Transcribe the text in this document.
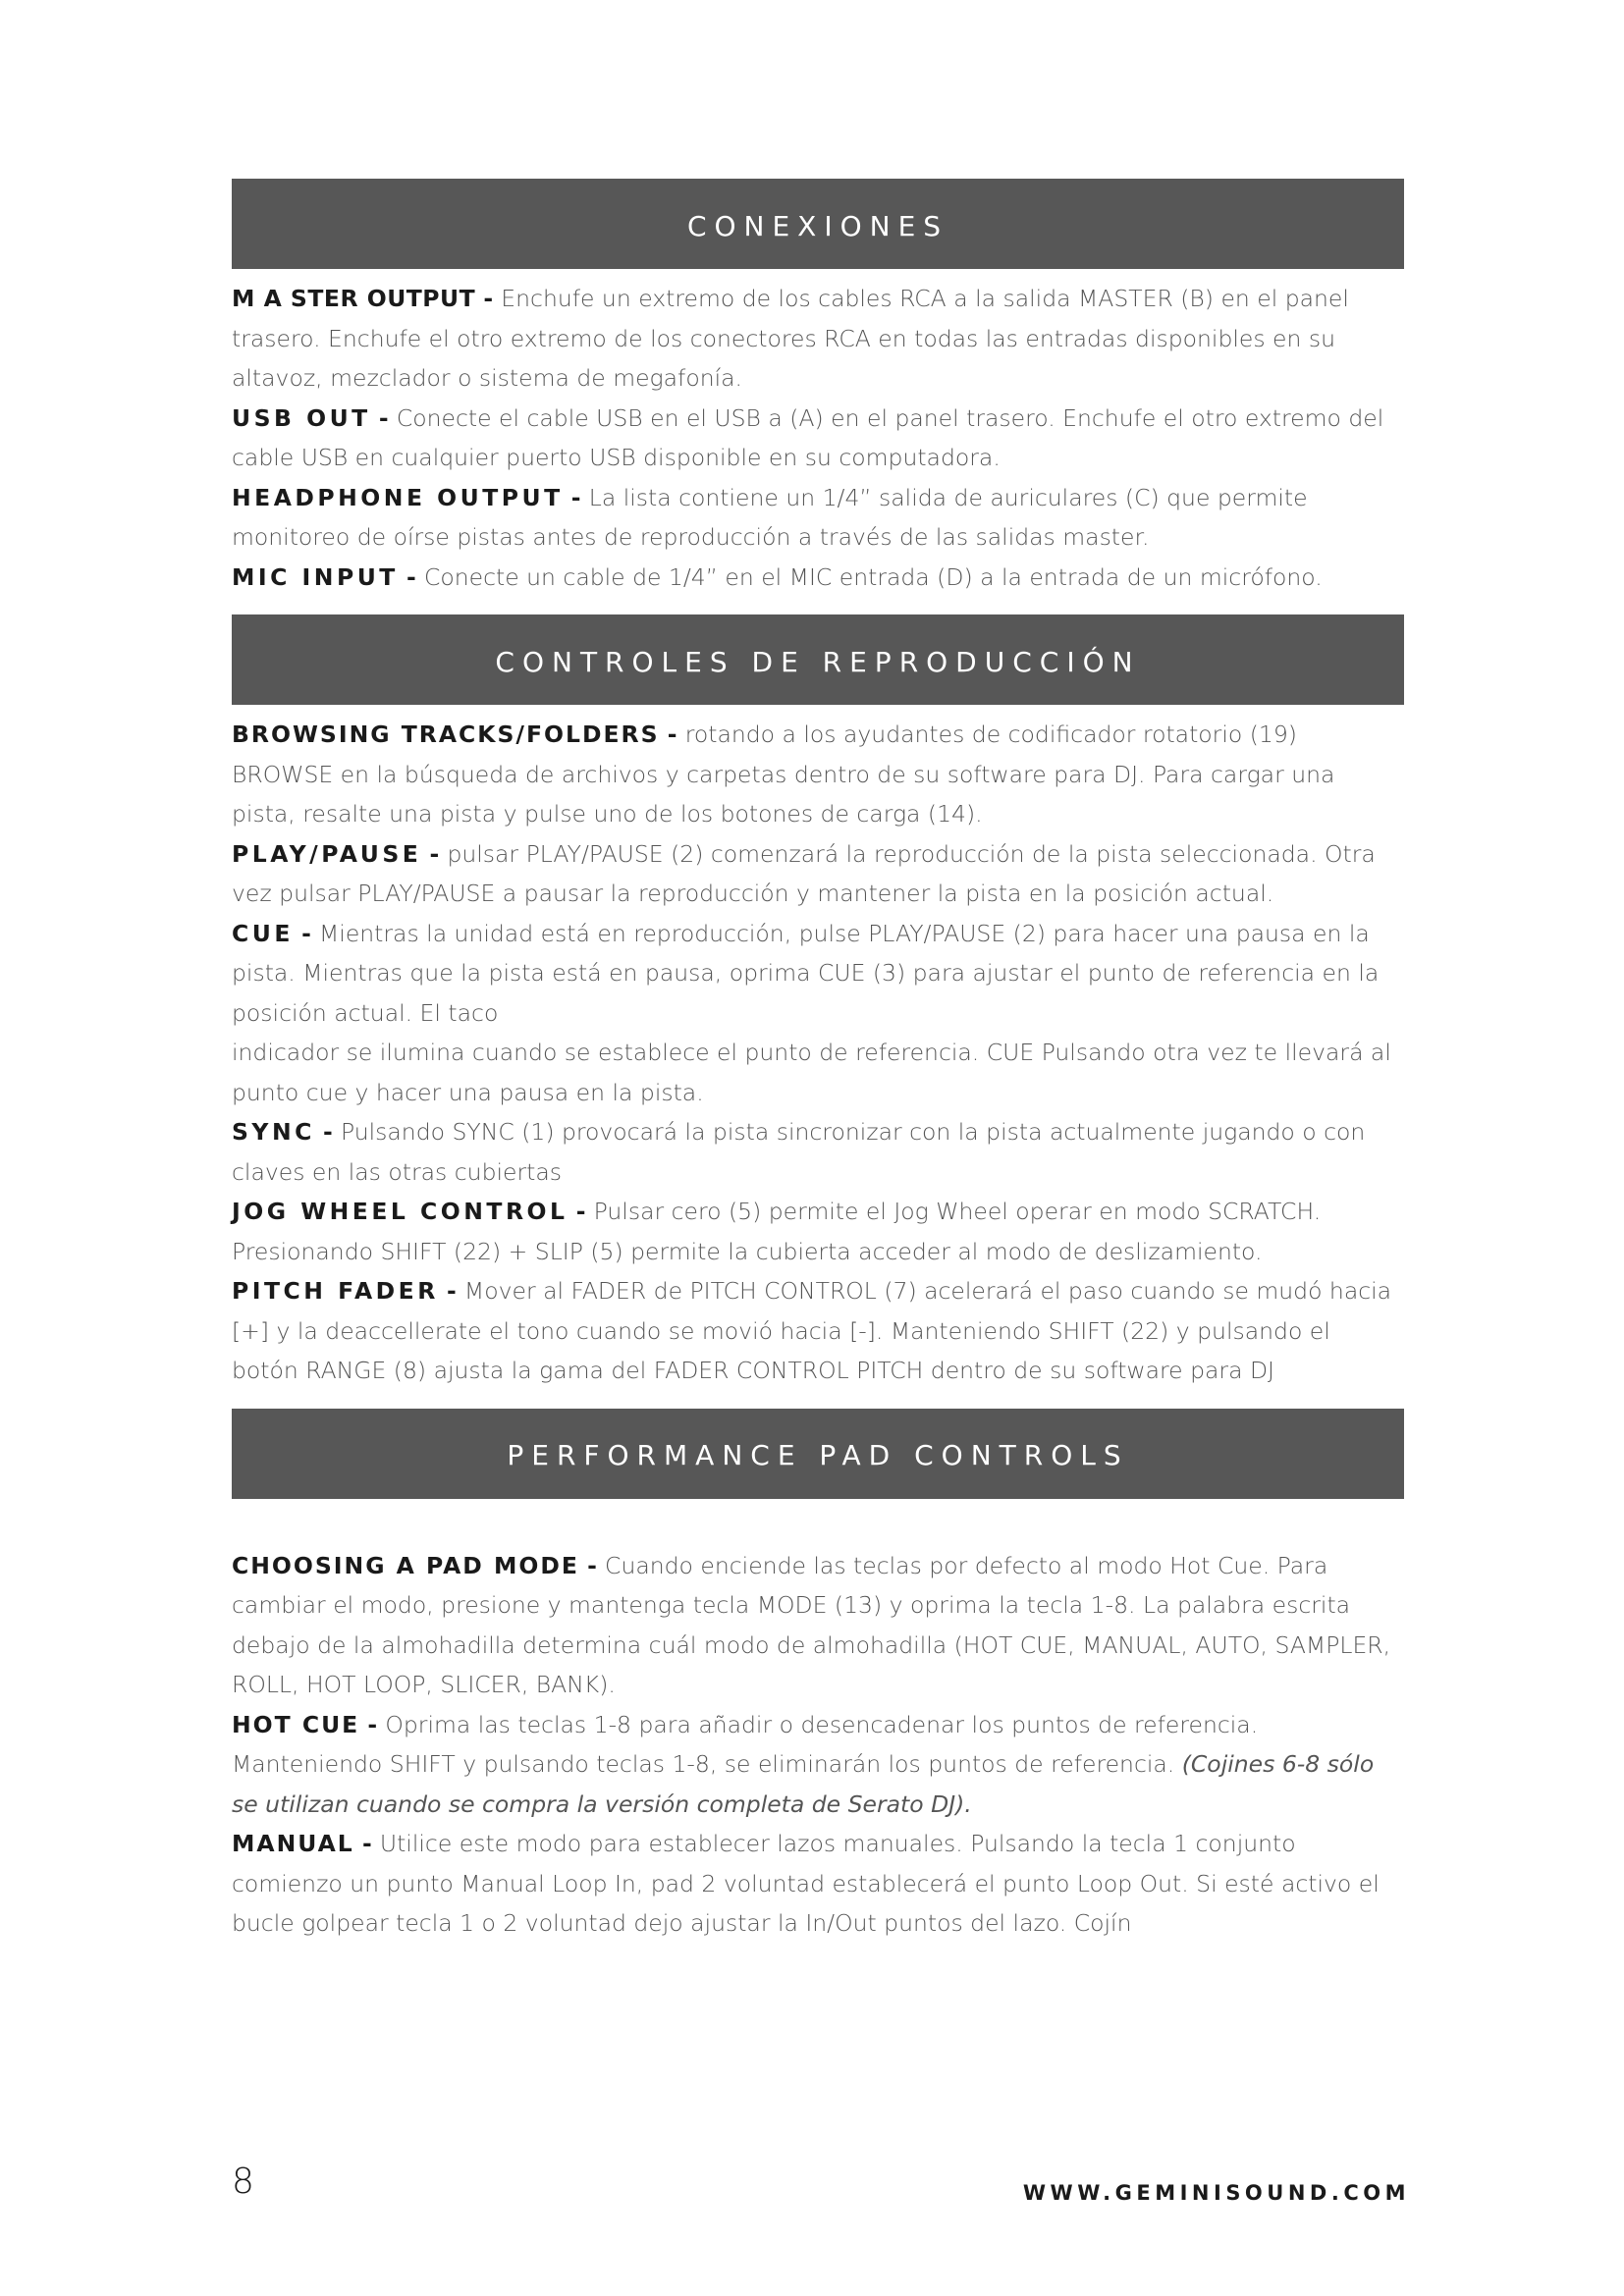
CONEXIONES

M A STER OUTPUT - Enchufe un extremo de los cables RCA a la salida MASTER (B) en el panel trasero. Enchufe el otro extremo de los conectores RCA en todas las entradas disponibles en su altavoz, mezclador o sistema de megafonía.

USB OUT - Conecte el cable USB en el USB a (A) en el panel trasero. Enchufe el otro extremo del cable USB en cualquier puerto USB disponible en su computadora.

HEADPHONE OUTPUT - La lista contiene un 1/4” salida de auriculares (C) que permite monitoreo de oírse pistas antes de reproducción a través de las salidas master.

MIC INPUT - Conecte un cable de 1/4” en el MIC entrada (D) a la entrada de un micrófono.

CONTROLES DE REPRODUCCIÓN

BROWSING TRACKS/FOLDERS - rotando a los ayudantes de codificador rotatorio (19) BROWSE en la búsqueda de archivos y carpetas dentro de su software para DJ. Para cargar una pista, resalte una pista y pulse uno de los botones de carga (14).

PLAY/PAUSE - pulsar PLAY/PAUSE (2) comenzará la reproducción de la pista seleccionada. Otra vez pulsar PLAY/PAUSE a pausar la reproducción y mantener la pista en la posición actual.

CUE - Mientras la unidad está en reproducción, pulse PLAY/PAUSE (2) para hacer una pausa en la pista. Mientras que la pista está en pausa, oprima CUE (3) para ajustar el punto de referencia en la posición actual. El taco

indicador se ilumina cuando se establece el punto de referencia. CUE Pulsando otra vez te llevará al punto cue y hacer una pausa en la pista.

SYNC - Pulsando SYNC (1) provocará la pista sincronizar con la pista actualmente jugando o con claves en las otras cubiertas

JOG WHEEL CONTROL - Pulsar cero (5) permite el Jog Wheel operar en modo SCRATCH. Presionando SHIFT (22) + SLIP (5) permite la cubierta acceder al modo de deslizamiento.

PITCH FADER - Mover al FADER de PITCH CONTROL (7) acelerará el paso cuando se mudó hacia [+] y la deaccellerate el tono cuando se movió hacia [-]. Manteniendo SHIFT (22) y pulsando el botón RANGE (8) ajusta la gama del FADER CONTROL PITCH dentro de su software para DJ

PERFORMANCE PAD CONTROLS

CHOOSING A PAD MODE - Cuando enciende las teclas por defecto al modo Hot Cue. Para cambiar el modo, presione y mantenga tecla MODE (13) y oprima la tecla 1-8. La palabra escrita debajo de la almohadilla determina cuál modo de almohadilla (HOT CUE, MANUAL, AUTO, SAMPLER, ROLL, HOT LOOP, SLICER, BANK).

HOT CUE - Oprima las teclas 1-8 para añadir o desencadenar los puntos de referencia. Manteniendo SHIFT y pulsando teclas 1-8, se eliminarán los puntos de referencia. (Cojines 6-8 sólo se utilizan cuando se compra la versión completa de Serato DJ).

MANUAL - Utilice este modo para establecer lazos manuales. Pulsando la tecla 1 conjunto comienzo un punto Manual Loop In, pad 2 voluntad establecerá el punto Loop Out. Si esté activo el bucle golpear tecla 1 o 2 voluntad dejo ajustar la In/Out puntos del lazo. Cojín

8	WWW.GEMINISOUND.COM
